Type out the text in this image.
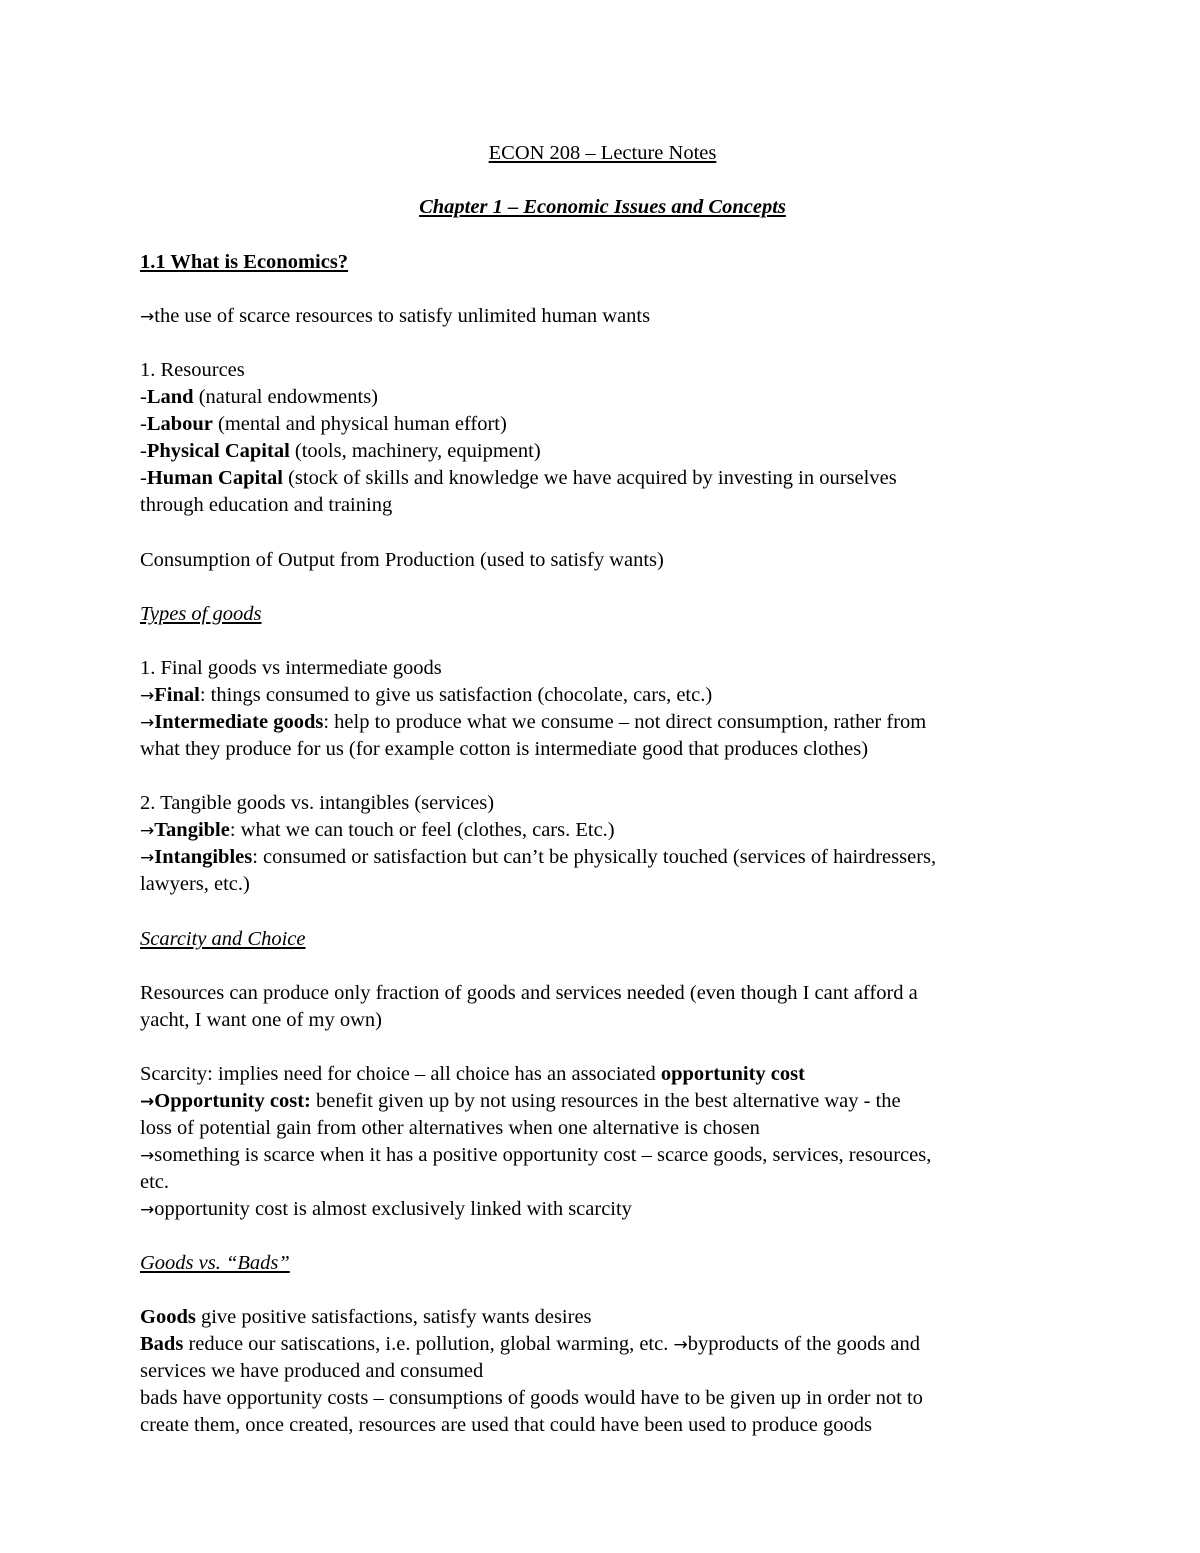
ECON 208 – Lecture Notes
Chapter 1 – Economic Issues and Concepts
1.1 What is Economics?
→the use of scarce resources to satisfy unlimited human wants
1. Resources
-Land (natural endowments)
-Labour (mental and physical human effort)
-Physical Capital (tools, machinery, equipment)
-Human Capital (stock of skills and knowledge we have acquired by investing in ourselves
through education and training
Consumption of Output from Production (used to satisfy wants)
Types of goods
1. Final goods vs intermediate goods
→Final: things consumed to give us satisfaction (chocolate, cars, etc.)
→Intermediate goods: help to produce what we consume – not direct consumption, rather from
what they produce for us (for example cotton is intermediate good that produces clothes)
2. Tangible goods vs. intangibles (services)
→Tangible: what we can touch or feel (clothes, cars. Etc.)
→Intangibles: consumed or satisfaction but can’t be physically touched (services of hairdressers,
lawyers, etc.)
Scarcity and Choice
Resources can produce only fraction of goods and services needed (even though I cant afford a
yacht, I want one of my own)
Scarcity: implies need for choice – all choice has an associated opportunity cost
→Opportunity cost: benefit given up by not using resources in the best alternative way - the
loss of potential gain from other alternatives when one alternative is chosen
→something is scarce when it has a positive opportunity cost – scarce goods, services, resources,
etc.
→opportunity cost is almost exclusively linked with scarcity
Goods vs. “Bads”
Goods give positive satisfactions, satisfy wants desires
Bads reduce our satiscations, i.e. pollution, global warming, etc. →byproducts of the goods and
services we have produced and consumed
bads have opportunity costs – consumptions of goods would have to be given up in order not to
create them, once created, resources are used that could have been used to produce goods
